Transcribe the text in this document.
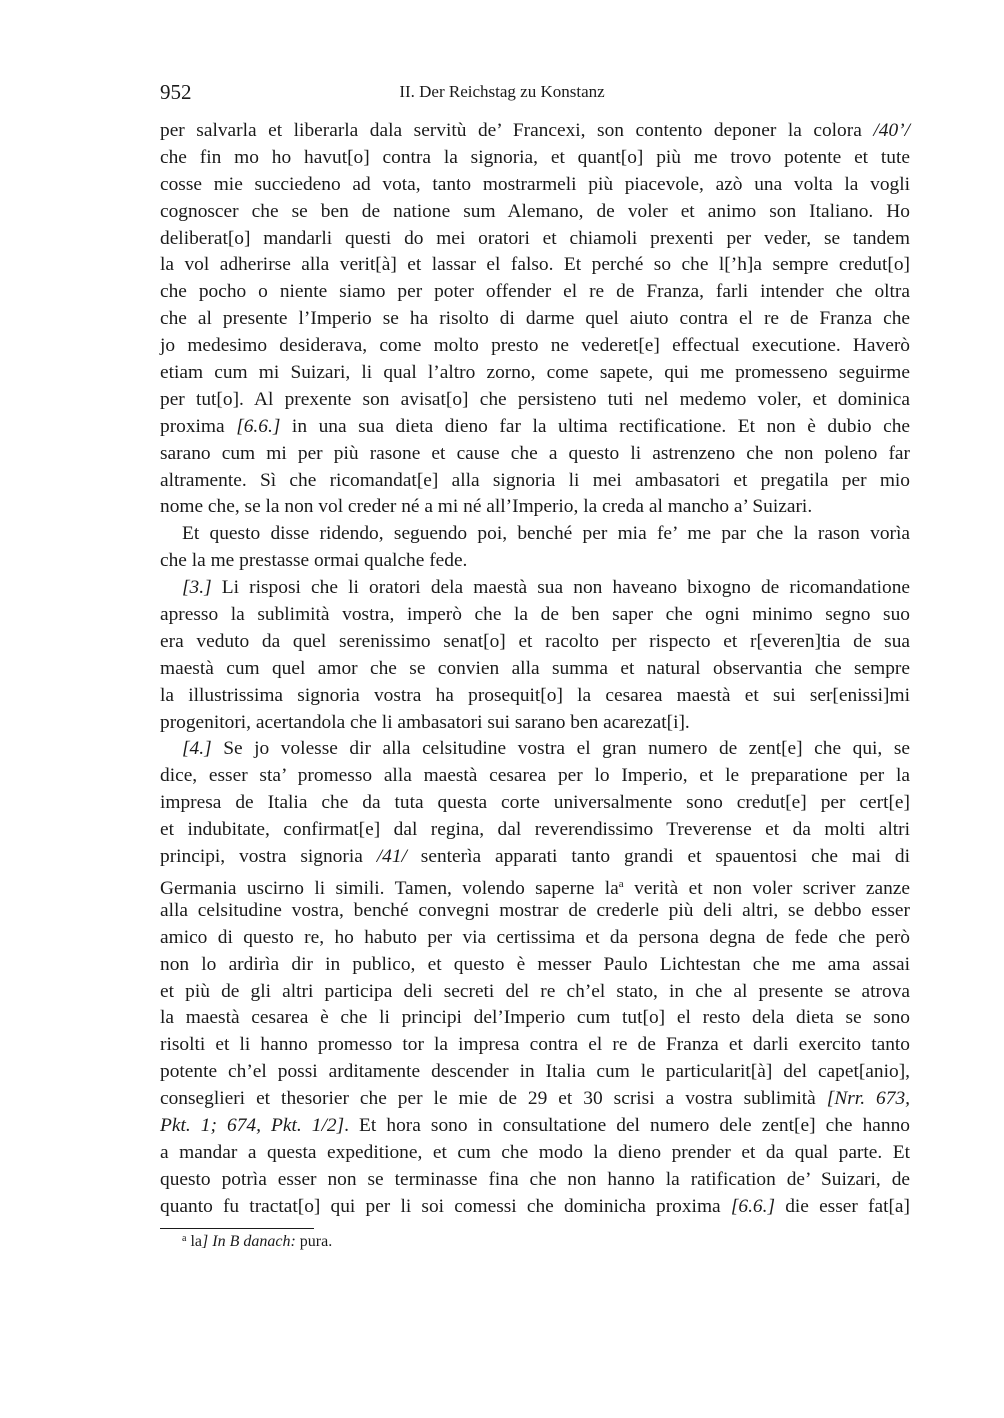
952	II. Der Reichstag zu Konstanz
per salvarla et liberarla dala servitù de’ Francexi, son contento deponer la colora /40’/
che fin mo ho havut[o] contra la signoria, et quant[o] più me trovo potente et tute
cosse mie succiedeno ad vota, tanto mostrarmeli più piacevole, azò una volta la vogli
cognoscer che se ben de natione sum Alemano, de voler et animo son Italiano. Ho
deliberat[o] mandarli questi do mei oratori et chiamoli prexenti per veder, se tandem
la vol adherirse alla verit[à] et lassar el falso. Et perché so che l[’h]a sempre credut[o]
che pocho o niente siamo per poter offender el re de Franza, farli intender che oltra
che al presente l’Imperio se ha risolto di darme quel aiuto contra el re de Franza che
jo medesimo desiderava, come molto presto ne vederet[e] effectual executione. Haverò
etiam cum mi Suizari, li qual l’altro zorno, come sapete, qui me promesseno seguirme
per tut[o]. Al prexente son avisat[o] che persisteno tuti nel medemo voler, et dominica
proxima [6.6.] in una sua dieta dieno far la ultima rectificatione. Et non è dubio che
sarano cum mi per più rasone et cause che a questo li astrenzeno che non poleno far
altramente. Sì che ricomandat[e] alla signoria li mei ambasatori et pregatila per mio
nome che, se la non vol creder né a mi né all’Imperio, la creda al mancho a’ Suizari.
Et questo disse ridendo, seguendo poi, benché per mia fe’ me par che la rason vorìa
che la me prestasse ormai qualche fede.
[3.] Li risposi che li oratori dela maestà sua non haveano bixogno de ricomandatione
apresso la sublimità vostra, imperò che la de ben saper che ogni minimo segno suo
era veduto da quel serenissimo senat[o] et racolto per rispecto et r[everen]tia de sua
maestà cum quel amor che se convien alla summa et natural observantia che sempre
la illustrissima signoria vostra ha prosequit[o] la cesarea maestà et sui ser[enissi]mi
progenitori, acertandola che li ambasatori sui sarano ben acarezat[i].
[4.] Se jo volesse dir alla celsitudine vostra el gran numero de zent[e] che qui, se
dice, esser sta’ promesso alla maestà cesarea per lo Imperio, et le preparatione per la
impresa de Italia che da tuta questa corte universalmente sono credut[e] per cert[e]
et indubitate, confirmat[e] dal regina, dal reverendissimo Treverense et da molti altri
principi, vostra signoria /41/ senterìa apparati tanto grandi et spauentosi che mai di
Germania uscirno li simili. Tamen, volendo saperne $la^a$ verità et non voler scriver zanze
alla celsitudine vostra, benché convegni mostrar de crederle più deli altri, se debbo esser
amico di questo re, ho habuto per via certissima et da persona degna de fede che però
non lo ardirìa dir in publico, et questo è messer Paulo Lichtestan che me ama assai
et più de gli altri participa deli secreti del re ch’el stato, in che al presente se atrova
la maestà cesarea è che li principi del’Imperio cum tut[o] el resto dela dieta se sono
risolti et li hanno promesso tor la impresa contra el re de Franza et darli exercito tanto
potente ch’el possi arditamente descender in Italia cum le particularit[à] del capet[anio],
conseglieri et thesorier che per le mie de 29 et 30 scrisi a vostra sublimità [Nrr. 673,
Pkt. 1; 674, Pkt. 1/2]. Et hora sono in consultatione del numero dele zent[e] che hanno
a mandar a questa expeditione, et cum che modo la dieno prender et da qual parte. Et
questo potrìa esser non se terminasse fina che non hanno la ratification de’ Suizari, de
quanto fu tractat[o] qui per li soi comessi che dominicha proxima [6.6.] die esser fat[a]
$^a$ la] In B danach: pura.
